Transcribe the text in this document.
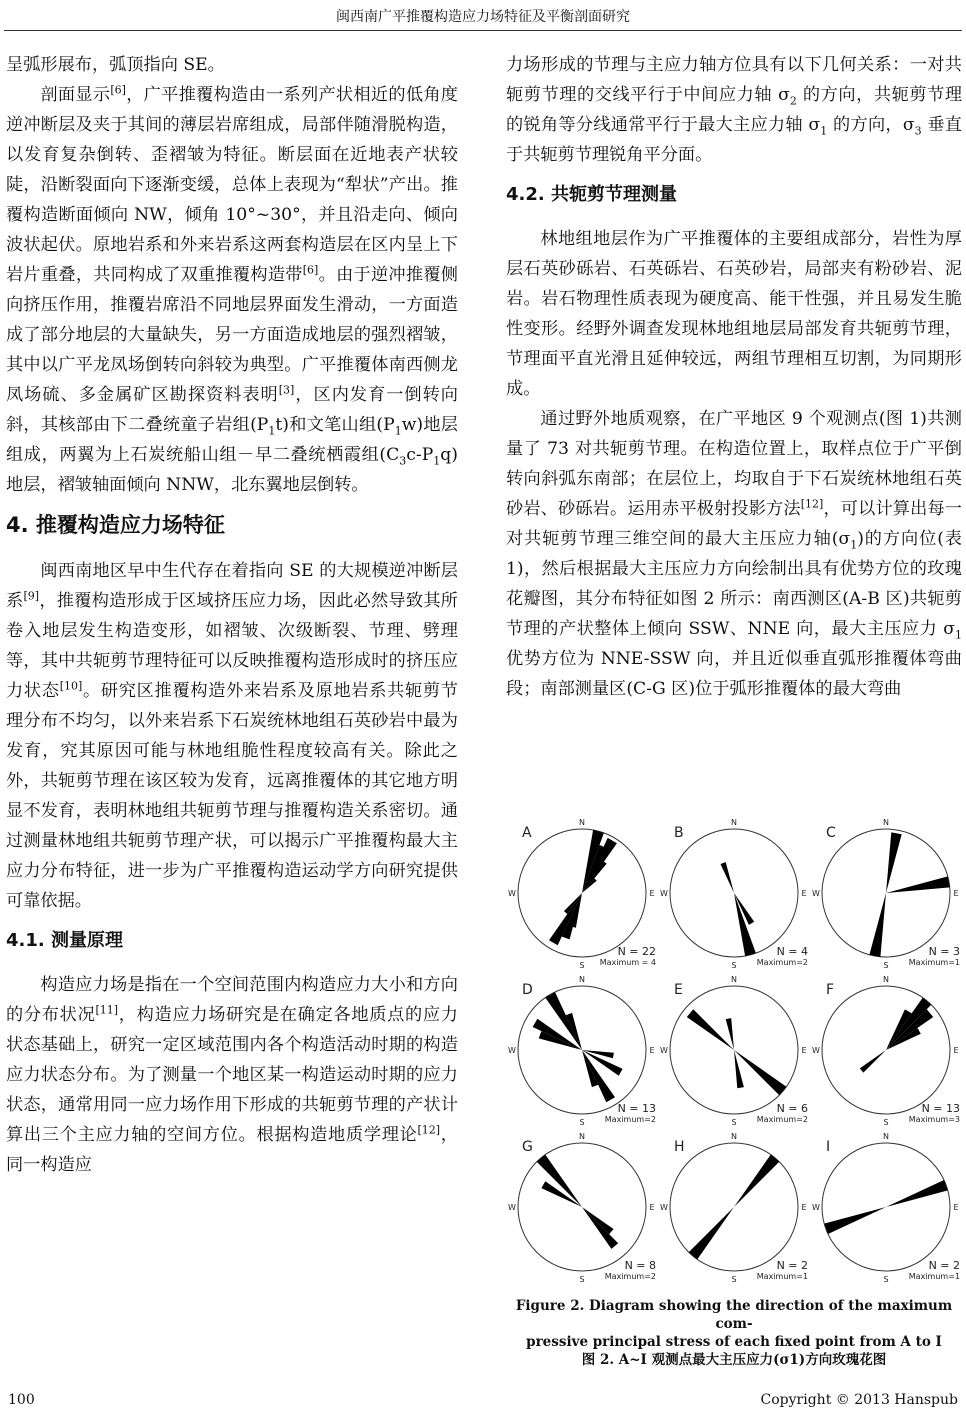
闽西南广平推覆构造应力场特征及平衡剖面研究

呈弧形展布，弧顶指向 SE。

剖面显示[6]，广平推覆构造由一系列产状相近的低角度逆冲断层及夹于其间的薄层岩席组成，局部伴随滑脱构造，以发育复杂倒转、歪褶皱为特征。断层面在近地表产状较陡，沿断裂面向下逐渐变缓，总体上表现为“犁状”产出。推覆构造断面倾向 NW，倾角 10°~30°，并且沿走向、倾向波状起伏。原地岩系和外来岩系这两套构造层在区内呈上下岩片重叠，共同构成了双重推覆构造带[6]。由于逆冲推覆侧向挤压作用，推覆岩席沿不同地层界面发生滑动，一方面造成了部分地层的大量缺失，另一方面造成地层的强烈褶皱，其中以广平龙凤场倒转向斜较为典型。广平推覆体南西侧龙凤场硫、多金属矿区勘探资料表明[3]，区内发育一倒转向斜，其核部由下二叠统童子岩组$(P_1t)$和文笔山组$(P_1w)$地层组成，两翼为上石炭统船山组－早二叠统栖霞组$(C_3c-P_1q)$地层，褶皱轴面倾向 NNW，北东翼地层倒转。

4. 推覆构造应力场特征

闽西南地区早中生代存在着指向 SE 的大规模逆冲断层系[9]，推覆构造形成于区域挤压应力场，因此必然导致其所卷入地层发生构造变形，如褶皱、次级断裂、节理、劈理等，其中共轭剪节理特征可以反映推覆构造形成时的挤压应力状态[10]。研究区推覆构造外来岩系及原地岩系共轭剪节理分布不均匀，以外来岩系下石炭统林地组石英砂岩中最为发育，究其原因可能与林地组脆性程度较高有关。除此之外，共轭剪节理在该区较为发育，远离推覆体的其它地方明显不发育，表明林地组共轭剪节理与推覆构造关系密切。通过测量林地组共轭剪节理产状，可以揭示广平推覆构最大主应力分布特征，进一步为广平推覆构造运动学方向研究提供可靠依据。

4.1. 测量原理

构造应力场是指在一个空间范围内构造应力大小和方向的分布状况[11]，构造应力场研究是在确定各地质点的应力状态基础上，研究一定区域范围内各个构造活动时期的构造应力状态分布。为了测量一个地区某一构造运动时期的应力状态，通常用同一应力场作用下形成的共轭剪节理的产状计算出三个主应力轴的空间方位。根据构造地质学理论[12]，同一构造应

力场形成的节理与主应力轴方位具有以下几何关系：一对共轭剪节理的交线平行于中间应力轴 $\sigma_2$ 的方向，共轭剪节理的锐角等分线通常平行于最大主应力轴 $\sigma_1$ 的方向，$\sigma_3$ 垂直于共轭剪节理锐角平分面。

4.2. 共轭剪节理测量

林地组地层作为广平推覆体的主要组成部分，岩性为厚层石英砂砾岩、石英砾岩、石英砂岩，局部夹有粉砂岩、泥岩。岩石物理性质表现为硬度高、能干性强，并且易发生脆性变形。经野外调查发现林地组地层局部发育共轭剪节理，节理面平直光滑且延伸较远，两组节理相互切割，为同期形成。

通过野外地质观察，在广平地区 9 个观测点(图 1)共测量了 73 对共轭剪节理。在构造位置上，取样点位于广平倒转向斜弧东南部；在层位上，均取自于下石炭统林地组石英砂岩、砂砾岩。运用赤平极射投影方法[12]，可以计算出每一对共轭剪节理三维空间的最大主压应力轴$(\sigma_1)$的方向位(表 1)，然后根据最大主压应力方向绘制出具有优势方位的玫瑰花瓣图，其分布特征如图 2 所示：南西测区(A-B 区)共轭剪节理的产状整体上倾向 SSW、NNE 向，最大主压应力 $\sigma_1$ 优势方位为 NNE-SSW 向，并且近似垂直弧形推覆体弯曲段；南部测量区(C-G 区)位于弧形推覆体的最大弯曲

N
S
E
W
A
N = 22
Maximum = 4
N
S
E
W
B
N = 4
Maximum=2
N
S
E
W
C
N = 3
Maximum=1
N
S
E
W
D
N = 13
Maximum=2
N
S
E
W
E
N = 6
Maximum=2
N
S
E
W
F
N = 13
Maximum=3
N
S
E
W
G
N = 8
Maximum=2
N
S
E
W
H
N = 2
Maximum=1
N
S
E
W
I
N = 2
Maximum=1
Figure 2. Diagram showing the direction of the maximum com-
pressive principal stress of each fixed point from A to I
图 2. A~I 观测点最大主压应力(σ1)方向玫瑰花图
100	Copyright © 2013 Hanspub
